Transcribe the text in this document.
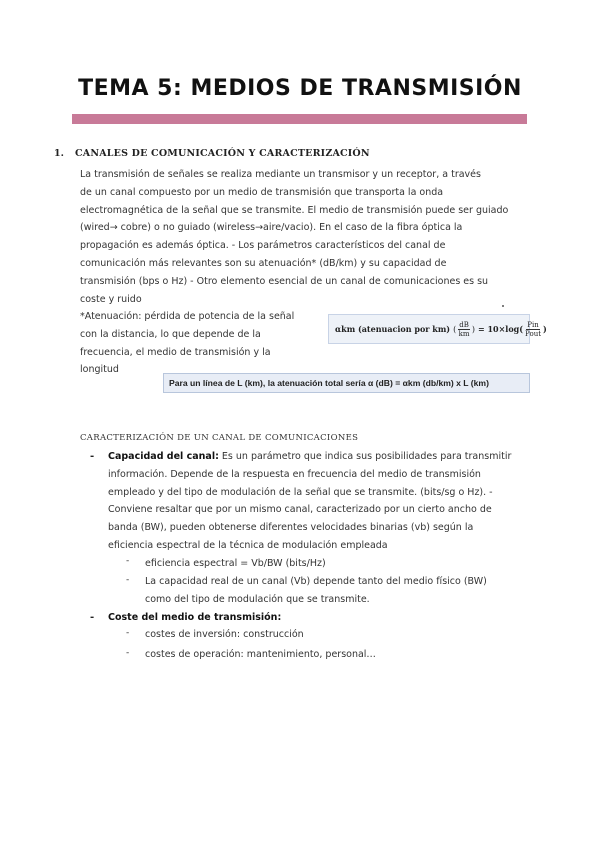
TEMA 5: MEDIOS DE TRANSMISIÓN
1. CANALES DE COMUNICACIÓN Y CARACTERIZACIÓN
La transmisión de señales se realiza mediante un transmisor y un receptor, a través
de un canal compuesto por un medio de transmisión que transporta la onda
electromagnética de la señal que se transmite. El medio de transmisión puede ser guiado
(wired→ cobre) o no guiado (wireless→aire/vacio). En el caso de la fibra óptica la
propagación es además óptica. - Los parámetros característicos del canal de
comunicación más relevantes son su atenuación* (dB/km) y su capacidad de
transmisión (bps o Hz) - Otro elemento esencial de un canal de comunicaciones es su
coste y ruido
*Atenuación: pérdida de potencia de la señal
con la distancia, lo que depende de la
frecuencia, el medio de transmisión y la
longitud
αkm (atenuacion por km) ( $\frac{dB}{km}$ ) = $10\times\log( \frac{\text{Pin}}{\text{Pout}}$ )
Para un línea de L (km), la atenuación total sería α (dB) = αkm (db/km) x L (km)
CARACTERIZACIÓN DE UN CANAL DE COMUNICACIONES
- Capacidad del canal: Es un parámetro que indica sus posibilidades para transmitir
información. Depende de la respuesta en frecuencia del medio de transmisión
empleado y del tipo de modulación de la señal que se transmite. (bits/sg o Hz). -
Conviene resaltar que por un mismo canal, caracterizado por un cierto ancho de
banda (BW), pueden obtenerse diferentes velocidades binarias (vb) según la
eficiencia espectral de la técnica de modulación empleada
- eficiencia espectral = Vb/BW (bits/Hz)
- La capacidad real de un canal (Vb) depende tanto del medio físico (BW)
como del tipo de modulación que se transmite.
- Coste del medio de transmisión:
- costes de inversión: construcción
- costes de operación: mantenimiento, personal…
